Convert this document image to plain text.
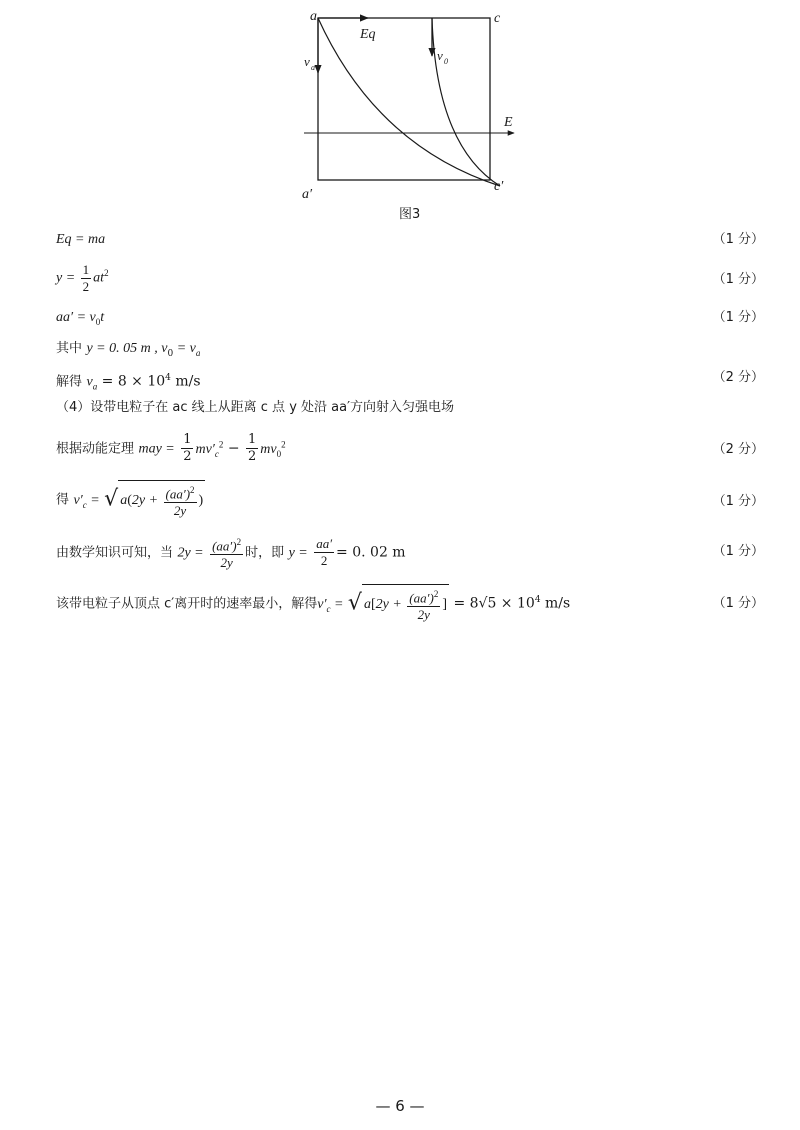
a	c
a′
c′
Eq
v a
v 0
E
图3
Eq = ma	（1 分）
$y = \frac{1}{2} at^2$	（1 分）
$aa' = v_0t$	（1 分）
其中 y = 0. 05 m , $v_0 = v_a$
解得 $v_a = 8 \times 10^4$ m/s	（2 分）
（4）设带电粒子在 ac 线上从距离 c 点 y 处沿 aa′方向射入匀强电场
根据动能定理 may = $\frac{1}{2} mv'_c^2 - \frac{1}{2} mv_0^2$	（2 分）
得 $v'_c$ = √ $a(2y + \frac{(aa')^2}{2y}$ )	（1 分）
由数学知识可知，当 $2y = \frac{(aa')^2}{2y}$ 时，即 $y = \frac{aa'}{2} = 0$. 02 m	（1 分）
该带电粒子从顶点 c′离开时的速率最小，解得$v'_c$ = √ $a[2y + \frac{(aa')^2}{2y}$ ] = $8√5 \times 10^4$ m/s	（1 分）
— 6 —
